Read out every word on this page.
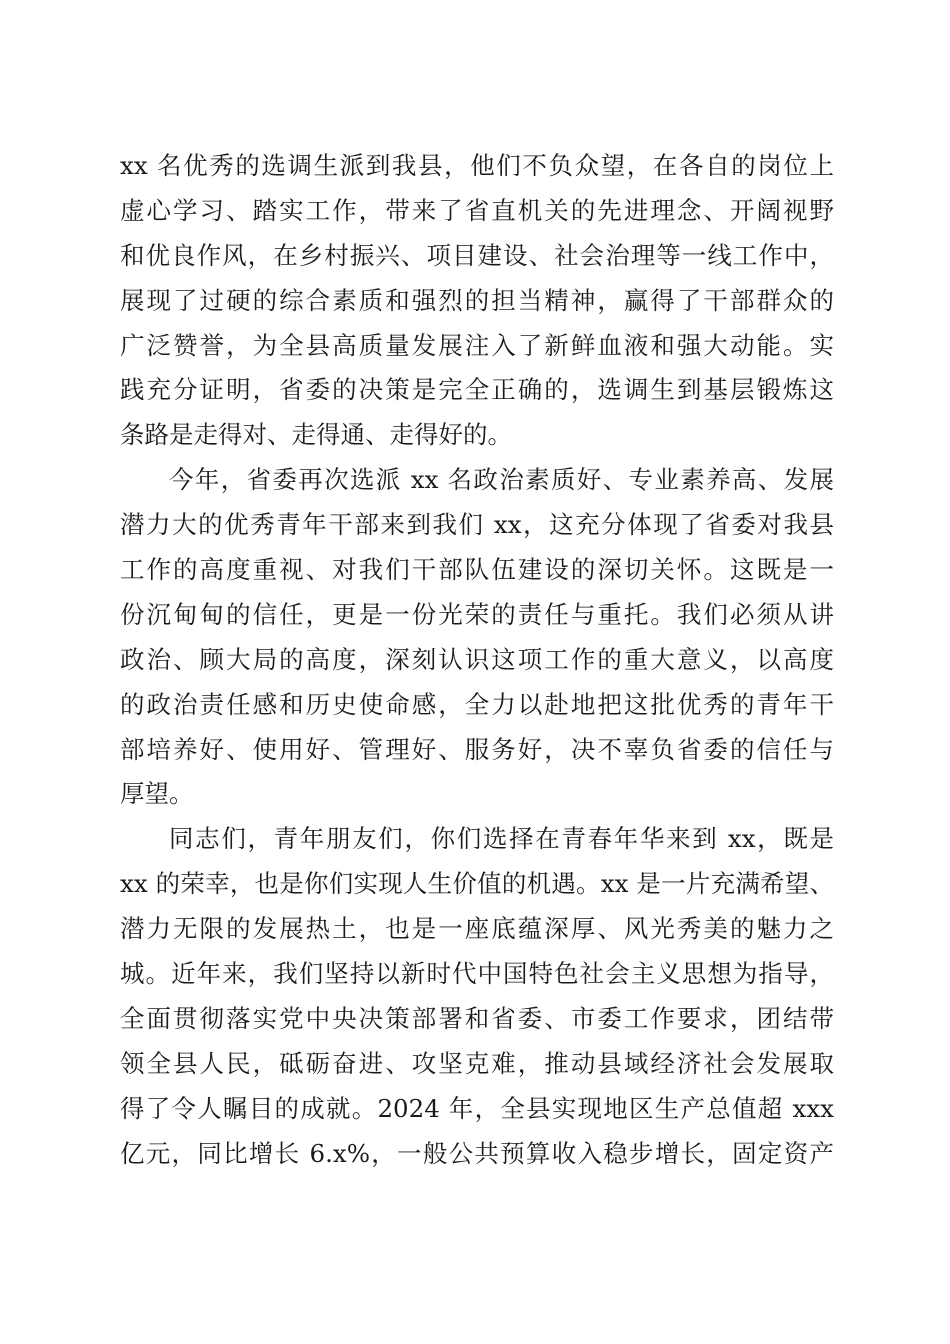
xx 名优秀的选调生派到我县，他们不负众望，在各自的岗位上
虚心学习、踏实工作，带来了省直机关的先进理念、开阔视野
和优良作风，在乡村振兴、项目建设、社会治理等一线工作中，
展现了过硬的综合素质和强烈的担当精神，赢得了干部群众的
广泛赞誉，为全县高质量发展注入了新鲜血液和强大动能。实
践充分证明，省委的决策是完全正确的，选调生到基层锻炼这
条路是走得对、走得通、走得好的。
今年，省委再次选派 xx 名政治素质好、专业素养高、发展
潜力大的优秀青年干部来到我们 xx，这充分体现了省委对我县
工作的高度重视、对我们干部队伍建设的深切关怀。这既是一
份沉甸甸的信任，更是一份光荣的责任与重托。我们必须从讲
政治、顾大局的高度，深刻认识这项工作的重大意义，以高度
的政治责任感和历史使命感，全力以赴地把这批优秀的青年干
部培养好、使用好、管理好、服务好，决不辜负省委的信任与
厚望。
同志们，青年朋友们，你们选择在青春年华来到 xx，既是
xx 的荣幸，也是你们实现人生价值的机遇。xx 是一片充满希望、
潜力无限的发展热土，也是一座底蕴深厚、风光秀美的魅力之
城。近年来，我们坚持以新时代中国特色社会主义思想为指导，
全面贯彻落实党中央决策部署和省委、市委工作要求，团结带
领全县人民，砥砺奋进、攻坚克难，推动县域经济社会发展取
得了令人瞩目的成就。2024 年，全县实现地区生产总值超 xxx
亿元，同比增长 6.x%，一般公共预算收入稳步增长，固定资产
